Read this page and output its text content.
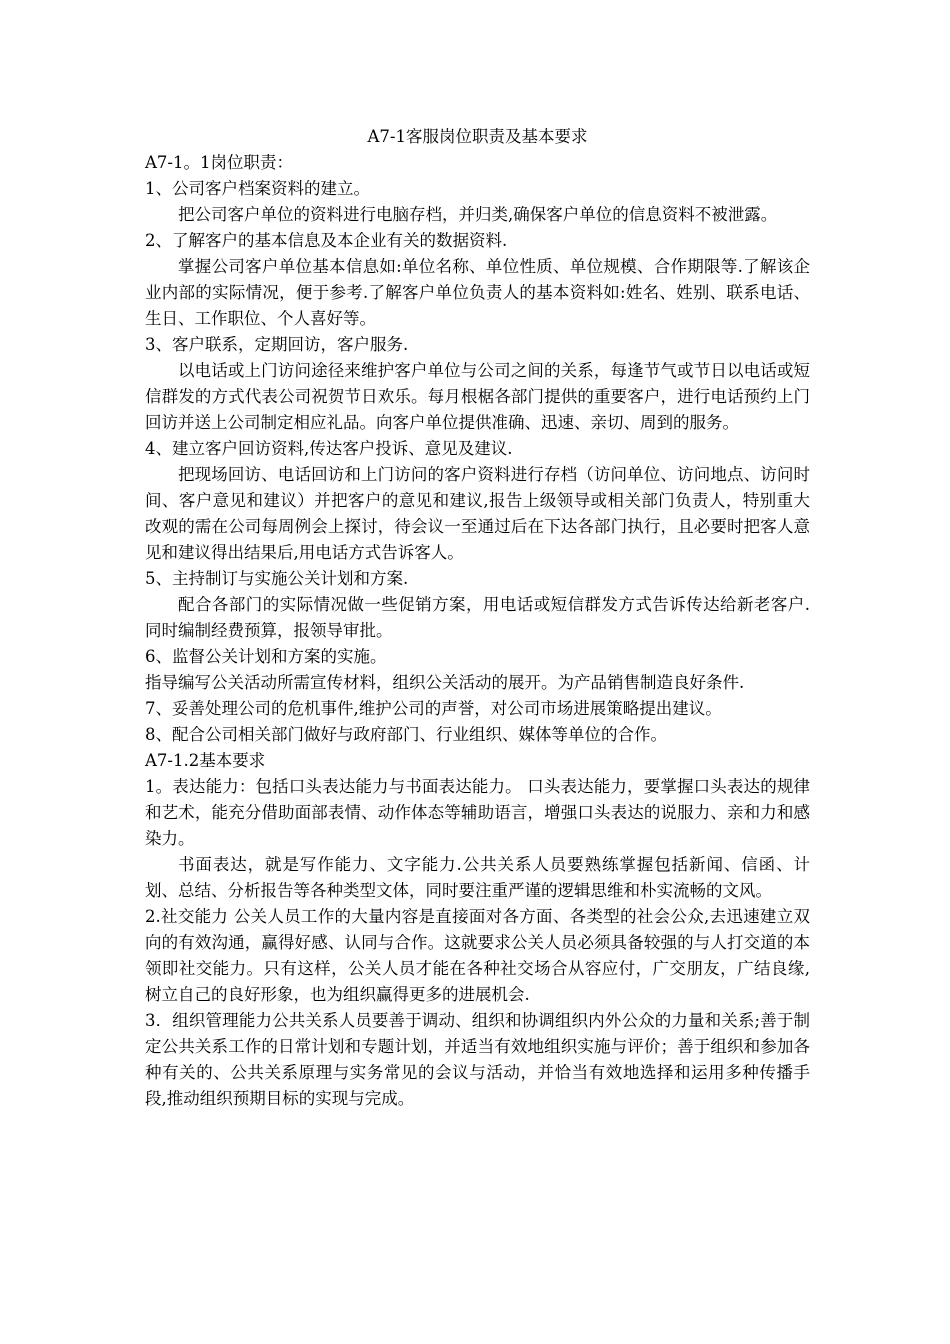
A7-1客服岗位职责及基本要求

A7-1。1岗位职责：

1、公司客户档案资料的建立。

把公司客户单位的资料进行电脑存档，并归类,确保客户单位的信息资料不被泄露。

2、了解客户的基本信息及本企业有关的数据资料.

掌握公司客户单位基本信息如:单位名称、单位性质、单位规模、合作期限等.了解该企业内部的实际情况，便于参考.了解客户单位负责人的基本资料如:姓名、姓别、联系电话、生日、工作职位、个人喜好等。

3、客户联系，定期回访，客户服务.

以电话或上门访问途径来维护客户单位与公司之间的关系，每逢节气或节日以电话或短信群发的方式代表公司祝贺节日欢乐。每月根椐各部门提供的重要客户，进行电话预约上门回访并送上公司制定相应礼品。向客户单位提供准确、迅速、亲切、周到的服务。

4、建立客户回访资料,传达客户投诉、意见及建议.

把现场回访、电话回访和上门访问的客户资料进行存档（访问单位、访问地点、访问时间、客户意见和建议）并把客户的意见和建议,报告上级领导或相关部门负责人，特别重大改观的需在公司每周例会上探讨，待会议一至通过后在下达各部门执行，且必要时把客人意见和建议得出结果后,用电话方式告诉客人。

5、主持制订与实施公关计划和方案.

配合各部门的实际情况做一些促销方案，用电话或短信群发方式告诉传达给新老客户.同时编制经费预算，报领导审批。

6、监督公关计划和方案的实施。

指导编写公关活动所需宣传材料，组织公关活动的展开。为产品销售制造良好条件.

7、妥善处理公司的危机事件,维护公司的声誉，对公司市场进展策略提出建议。

8、配合公司相关部门做好与政府部门、行业组织、媒体等单位的合作。

A7-1.2基本要求

1。表达能力：包括口头表达能力与书面表达能力。 口头表达能力，要掌握口头表达的规律和艺术，能充分借助面部表情、动作体态等辅助语言，增强口头表达的说服力、亲和力和感染力。

书面表达，就是写作能力、文字能力.公共关系人员要熟练掌握包括新闻、信函、计划、总结、分析报告等各种类型文体，同时要注重严谨的逻辑思维和朴实流畅的文风。

2.社交能力 公关人员工作的大量内容是直接面对各方面、各类型的社会公众,去迅速建立双向的有效沟通，赢得好感、认同与合作。这就要求公关人员必须具备较强的与人打交道的本领即社交能力。只有这样，公关人员才能在各种社交场合从容应付，广交朋友，广结良缘,树立自己的良好形象，也为组织赢得更多的进展机会.

3．组织管理能力公共关系人员要善于调动、组织和协调组织内外公众的力量和关系;善于制定公共关系工作的日常计划和专题计划，并适当有效地组织实施与评价；善于组织和参加各种有关的、公共关系原理与实务常见的会议与活动，并恰当有效地选择和运用多种传播手段,推动组织预期目标的实现与完成。
